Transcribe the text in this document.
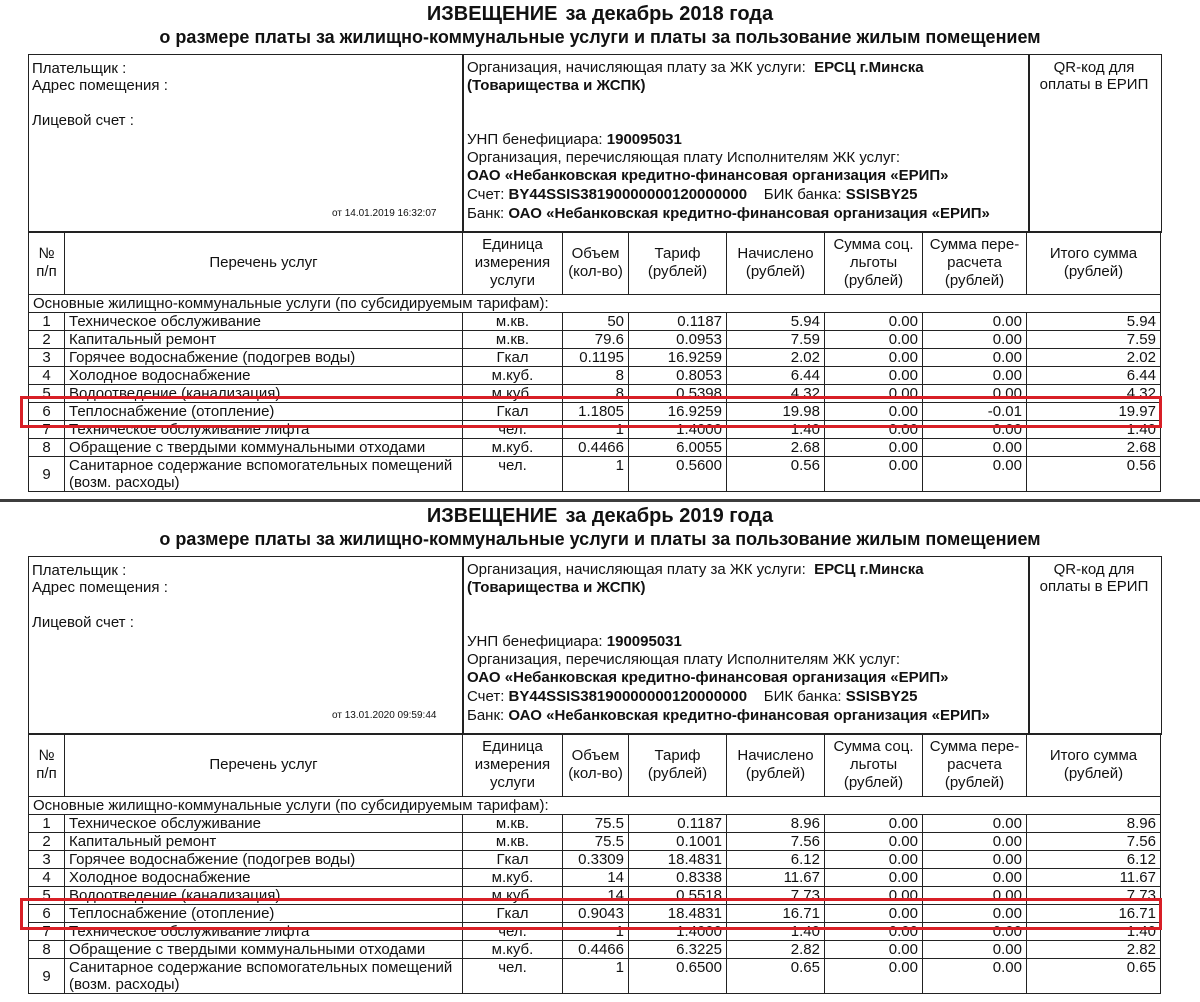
ИЗВЕЩЕНИЕ за декабрь 2018 года
о размере платы за жилищно-коммунальные услуги и платы за пользование жилым помещением
Плательщик :
Адрес помещения :
Лицевой счет :
от 14.01.2019 16:32:07
Организация, начисляющая плату за ЖК услуги: ЕРСЦ г.Минска
(Товарищества и ЖСПК)
УНП бенефициара: 190095031
Организация, перечисляющая плату Исполнителям ЖК услуг:
ОАО «Небанковская кредитно-финансовая организация «ЕРИП»
Счет: BY44SSIS38190000000120000000 БИК банка: SSISBY25
Банк: ОАО «Небанковская кредитно-финансовая организация «ЕРИП»
QR-код для оплаты в ЕРИП
№ п/п	Перечень услуг	Единица измерения услуги	Объем (кол-во)	Тариф (рублей)	Начислено (рублей)	Сумма соц. льготы (рублей)	Сумма пере-расчета (рублей)	Итого сумма (рублей)
Основные жилищно-коммунальные услуги (по субсидируемым тарифам):								
1	Техническое обслуживание	м.кв.	50	0.1187	5.94	0.00	0.00	5.94
2	Капитальный ремонт	м.кв.	79.6	0.0953	7.59	0.00	0.00	7.59
3	Горячее водоснабжение (подогрев воды)	Гкал	0.1195	16.9259	2.02	0.00	0.00	2.02
4	Холодное водоснабжение	м.куб.	8	0.8053	6.44	0.00	0.00	6.44
5	Водоотведение (канализация)	м.куб.	8	0.5398	4.32	0.00	0.00	4.32
6	Теплоснабжение (отопление)	Гкал	1.1805	16.9259	19.98	0.00	-0.01	19.97
7	Техническое обслуживание лифта	чел.	1	1.4000	1.40	0.00	0.00	1.40
8	Обращение с твердыми коммунальными отходами	м.куб.	0.4466	6.0055	2.68	0.00	0.00	2.68
9	Санитарное содержание вспомогательных помещений (возм. расходы)	чел.	1	0.5600	0.56	0.00	0.00	0.56
ИЗВЕЩЕНИЕ за декабрь 2019 года
о размере платы за жилищно-коммунальные услуги и платы за пользование жилым помещением
Плательщик :
Адрес помещения :
Лицевой счет :
от 13.01.2020 09:59:44
Организация, начисляющая плату за ЖК услуги: ЕРСЦ г.Минска
(Товарищества и ЖСПК)
УНП бенефициара: 190095031
Организация, перечисляющая плату Исполнителям ЖК услуг:
ОАО «Небанковская кредитно-финансовая организация «ЕРИП»
Счет: BY44SSIS38190000000120000000 БИК банка: SSISBY25
Банк: ОАО «Небанковская кредитно-финансовая организация «ЕРИП»
QR-код для оплаты в ЕРИП
№ п/п	Перечень услуг	Единица измерения услуги	Объем (кол-во)	Тариф (рублей)	Начислено (рублей)	Сумма соц. льготы (рублей)	Сумма пере-расчета (рублей)	Итого сумма (рублей)
Основные жилищно-коммунальные услуги (по субсидируемым тарифам):								
1	Техническое обслуживание	м.кв.	75.5	0.1187	8.96	0.00	0.00	8.96
2	Капитальный ремонт	м.кв.	75.5	0.1001	7.56	0.00	0.00	7.56
3	Горячее водоснабжение (подогрев воды)	Гкал	0.3309	18.4831	6.12	0.00	0.00	6.12
4	Холодное водоснабжение	м.куб.	14	0.8338	11.67	0.00	0.00	11.67
5	Водоотведение (канализация)	м.куб.	14	0.5518	7.73	0.00	0.00	7.73
6	Теплоснабжение (отопление)	Гкал	0.9043	18.4831	16.71	0.00	0.00	16.71
7	Техническое обслуживание лифта	чел.	1	1.4000	1.40	0.00	0.00	1.40
8	Обращение с твердыми коммунальными отходами	м.куб.	0.4466	6.3225	2.82	0.00	0.00	2.82
9	Санитарное содержание вспомогательных помещений (возм. расходы)	чел.	1	0.6500	0.65	0.00	0.00	0.65
